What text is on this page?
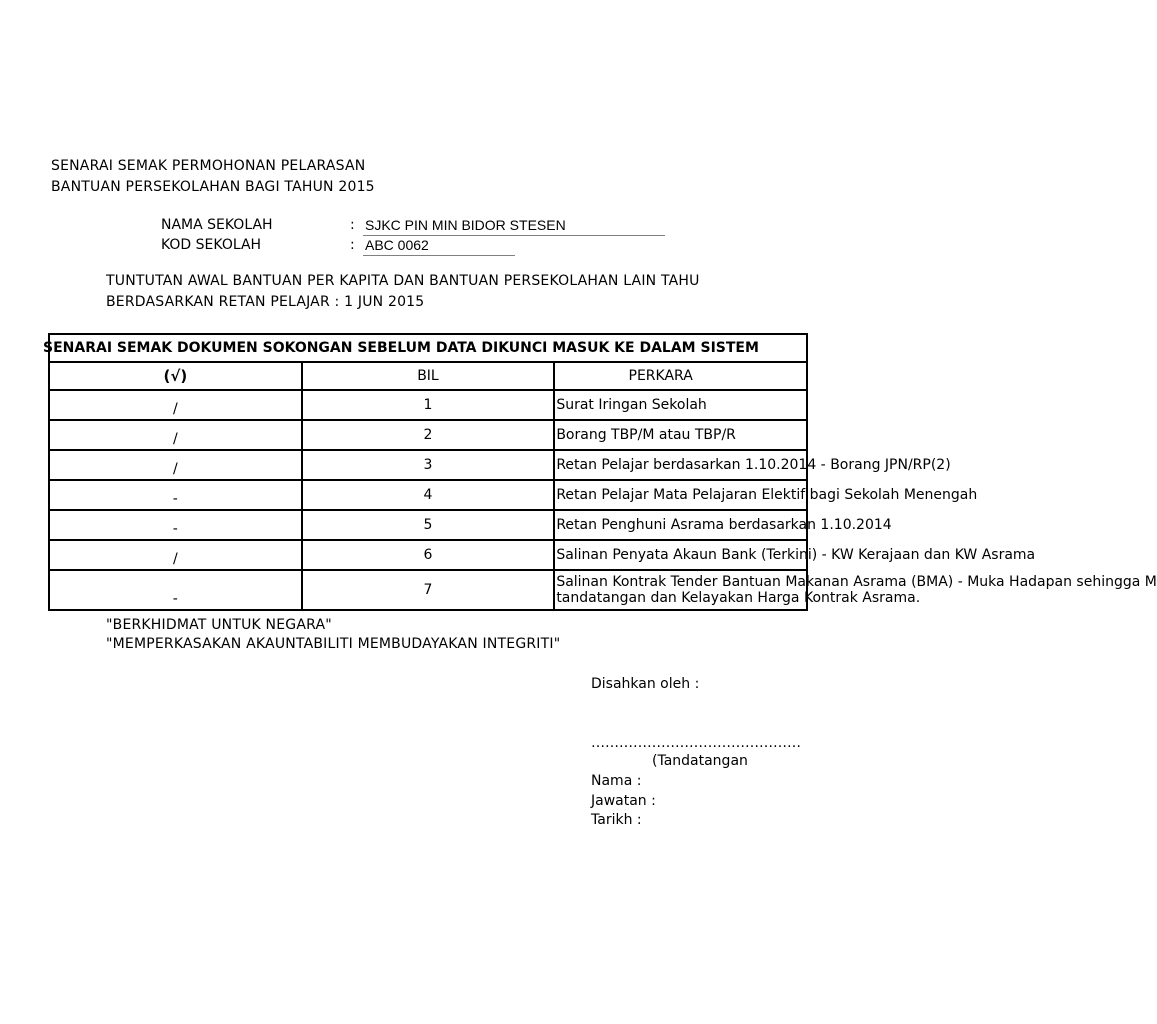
SENARAI SEMAK PERMOHONAN PELARASAN
BANTUAN PERSEKOLAHAN BAGI TAHUN 2015
NAMA SEKOLAH	: SJKC PIN MIN BIDOR STESEN
KOD SEKOLAH	: ABC 0062
TUNTUTAN AWAL BANTUAN PER KAPITA DAN BANTUAN PERSEKOLAHAN LAIN TAHU
BERDASARKAN RETAN PELAJAR : 1 JUN 2015
SENARAI SEMAK DOKUMEN SOKONGAN SEBELUM DATA DIKUNCI MASUK KE DALAM SISTEM		
(√)	BIL	PERKARA
/	1	Surat Iringan Sekolah
/	2	Borang TBP/M atau TBP/R
/	3	Retan Pelajar berdasarkan 1.10.2014 - Borang JPN/RP(2)
-	4	Retan Pelajar Mata Pelajaran Elektif bagi Sekolah Menengah
-	5	Retan Penghuni Asrama berdasarkan 1.10.2014
/	6	Salinan Penyata Akaun Bank (Terkini) - KW Kerajaan dan KW Asrama
-	7	Salinan Kontrak Tender Bantuan Makanan Asrama (BMA) - Muka Hadapan sehingga M
tandatangan dan Kelayakan Harga Kontrak Asrama.
"BERKHIDMAT UNTUK NEGARA"
"MEMPERKASAKAN AKAUNTABILITI MEMBUDAYAKAN INTEGRITI"
Disahkan oleh :
………………………………………
(Tandatangan
Nama :
Jawatan :
Tarikh :
